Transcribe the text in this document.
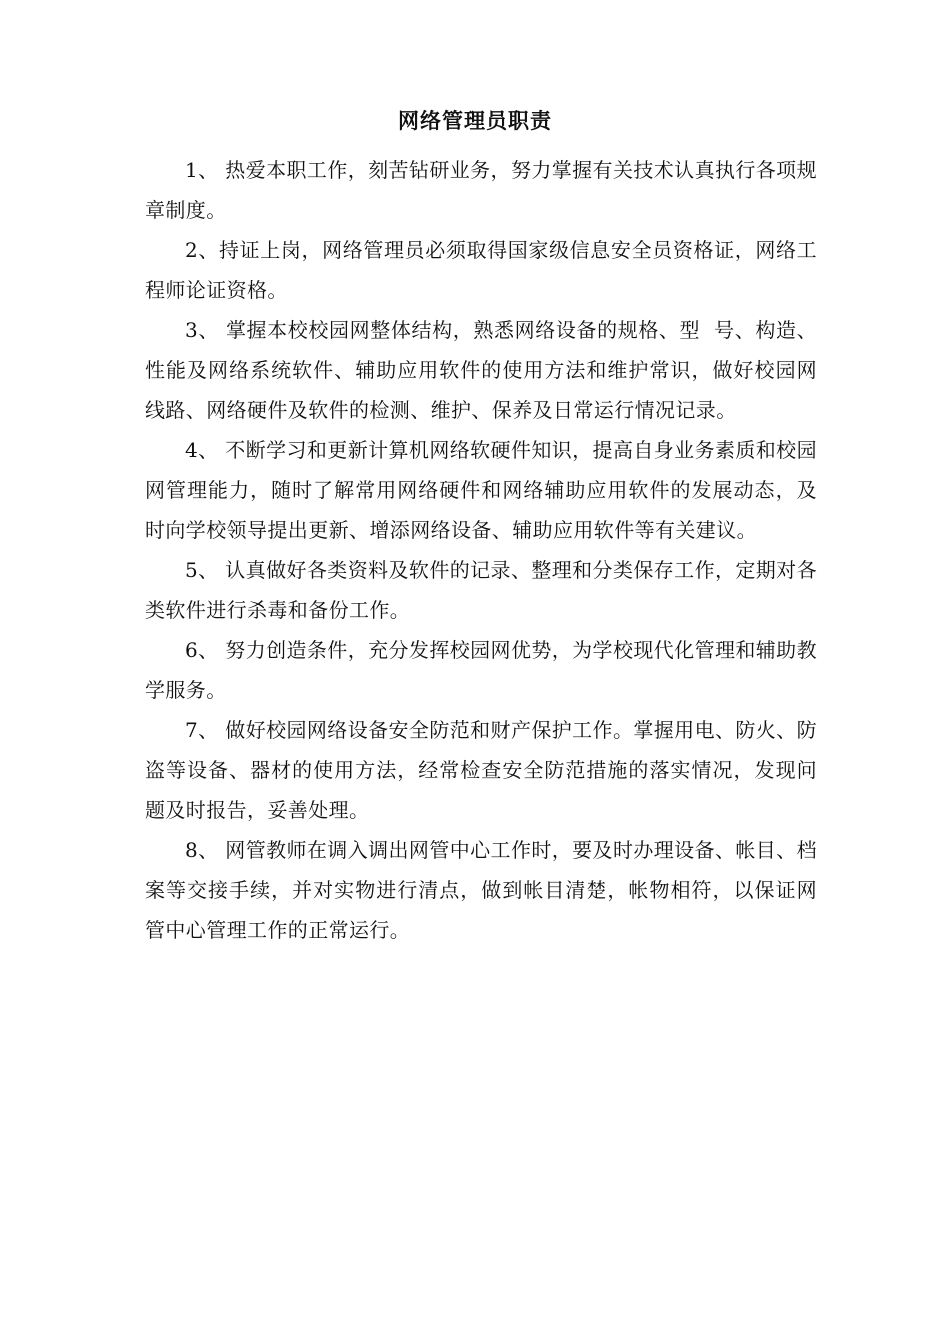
网络管理员职责

1、 热爱本职工作，刻苦钻研业务，努力掌握有关技术认真执行各项规章制度。

2、持证上岗，网络管理员必须取得国家级信息安全员资格证，网络工程师论证资格。

3、 掌握本校校园网整体结构，熟悉网络设备的规格、型  号、构造、性能及网络系统软件、辅助应用软件的使用方法和维护常识，做好校园网线路、网络硬件及软件的检测、维护、保养及日常运行情况记录。

4、 不断学习和更新计算机网络软硬件知识，提高自身业务素质和校园网管理能力，随时了解常用网络硬件和网络辅助应用软件的发展动态，及时向学校领导提出更新、增添网络设备、辅助应用软件等有关建议。

5、 认真做好各类资料及软件的记录、整理和分类保存工作，定期对各类软件进行杀毒和备份工作。

6、 努力创造条件，充分发挥校园网优势，为学校现代化管理和辅助教学服务。

7、 做好校园网络设备安全防范和财产保护工作。掌握用电、防火、防盗等设备、器材的使用方法，经常检查安全防范措施的落实情况，发现问题及时报告，妥善处理。

8、 网管教师在调入调出网管中心工作时，要及时办理设备、帐目、档案等交接手续，并对实物进行清点，做到帐目清楚，帐物相符，以保证网管中心管理工作的正常运行。
